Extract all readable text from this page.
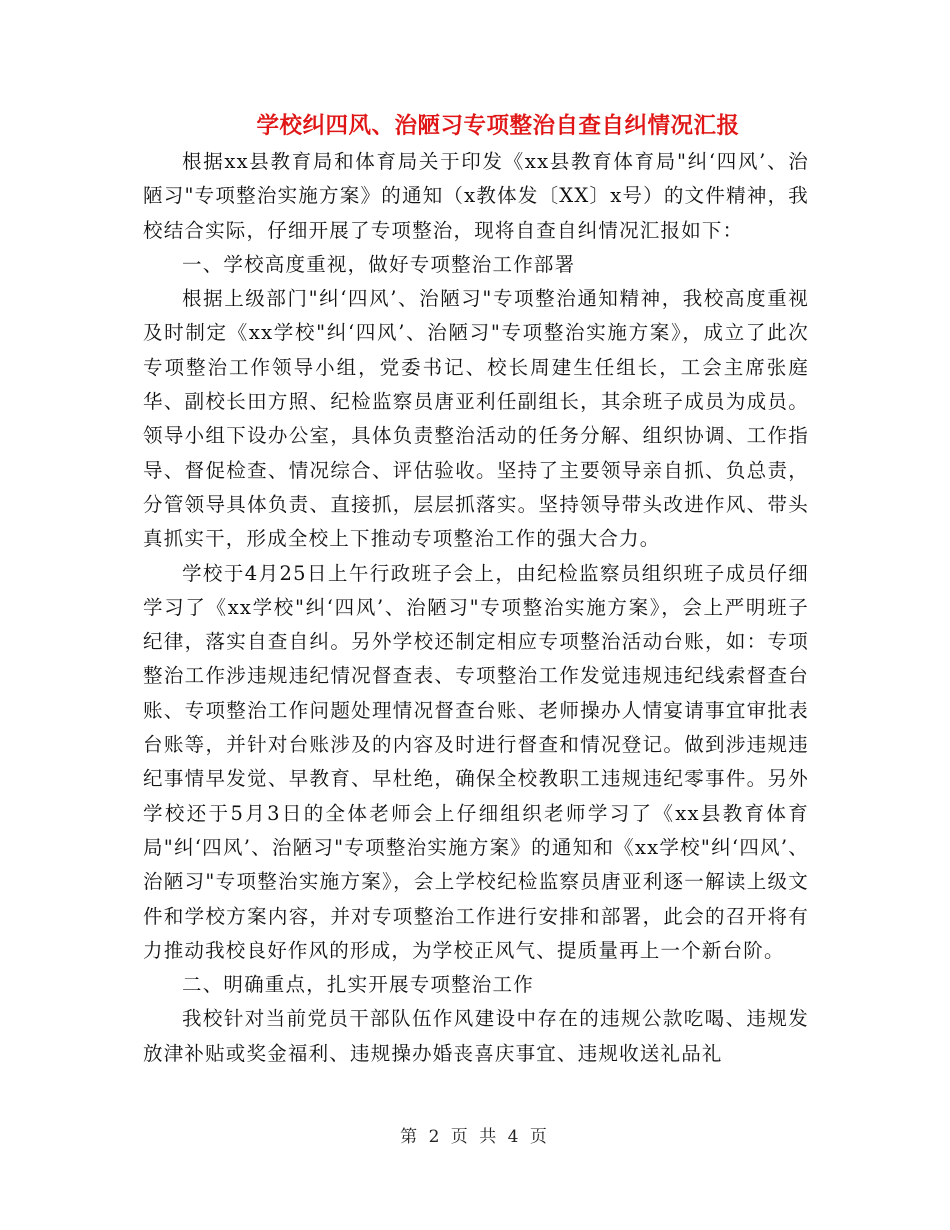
学校纠四风、治陋习专项整治自查自纠情况汇报

根据xx县教育局和体育局关于印发《xx县教育体育局"纠‘四风’、治陋习"专项整治实施方案》的通知（x教体发〔XX〕x号）的文件精神，我校结合实际，仔细开展了专项整治，现将自查自纠情况汇报如下：

一、学校高度重视，做好专项整治工作部署

根据上级部门"纠‘四风’、治陋习"专项整治通知精神，我校高度重视及时制定《xx学校"纠‘四风’、治陋习"专项整治实施方案》，成立了此次专项整治工作领导小组，党委书记、校长周建生任组长，工会主席张庭华、副校长田方照、纪检监察员唐亚利任副组长，其余班子成员为成员。领导小组下设办公室，具体负责整治活动的任务分解、组织协调、工作指导、督促检查、情况综合、评估验收。坚持了主要领导亲自抓、负总责，分管领导具体负责、直接抓，层层抓落实。坚持领导带头改进作风、带头真抓实干，形成全校上下推动专项整治工作的强大合力。

学校于4月25日上午行政班子会上，由纪检监察员组织班子成员仔细学习了《xx学校"纠‘四风’、治陋习"专项整治实施方案》，会上严明班子纪律，落实自查自纠。另外学校还制定相应专项整治活动台账，如：专项整治工作涉违规违纪情况督查表、专项整治工作发觉违规违纪线索督查台账、专项整治工作问题处理情况督查台账、老师操办人情宴请事宜审批表台账等，并针对台账涉及的内容及时进行督查和情况登记。做到涉违规违纪事情早发觉、早教育、早杜绝，确保全校教职工违规违纪零事件。另外学校还于5月3日的全体老师会上仔细组织老师学习了《xx县教育体育局"纠‘四风’、治陋习"专项整治实施方案》的通知和《xx学校"纠‘四风’、治陋习"专项整治实施方案》，会上学校纪检监察员唐亚利逐一解读上级文件和学校方案内容，并对专项整治工作进行安排和部署，此会的召开将有力推动我校良好作风的形成，为学校正风气、提质量再上一个新台阶。

二、明确重点，扎实开展专项整治工作

我校针对当前党员干部队伍作风建设中存在的违规公款吃喝、违规发放津补贴或奖金福利、违规操办婚丧喜庆事宜、违规收送礼品礼

第 2 页 共 4 页
